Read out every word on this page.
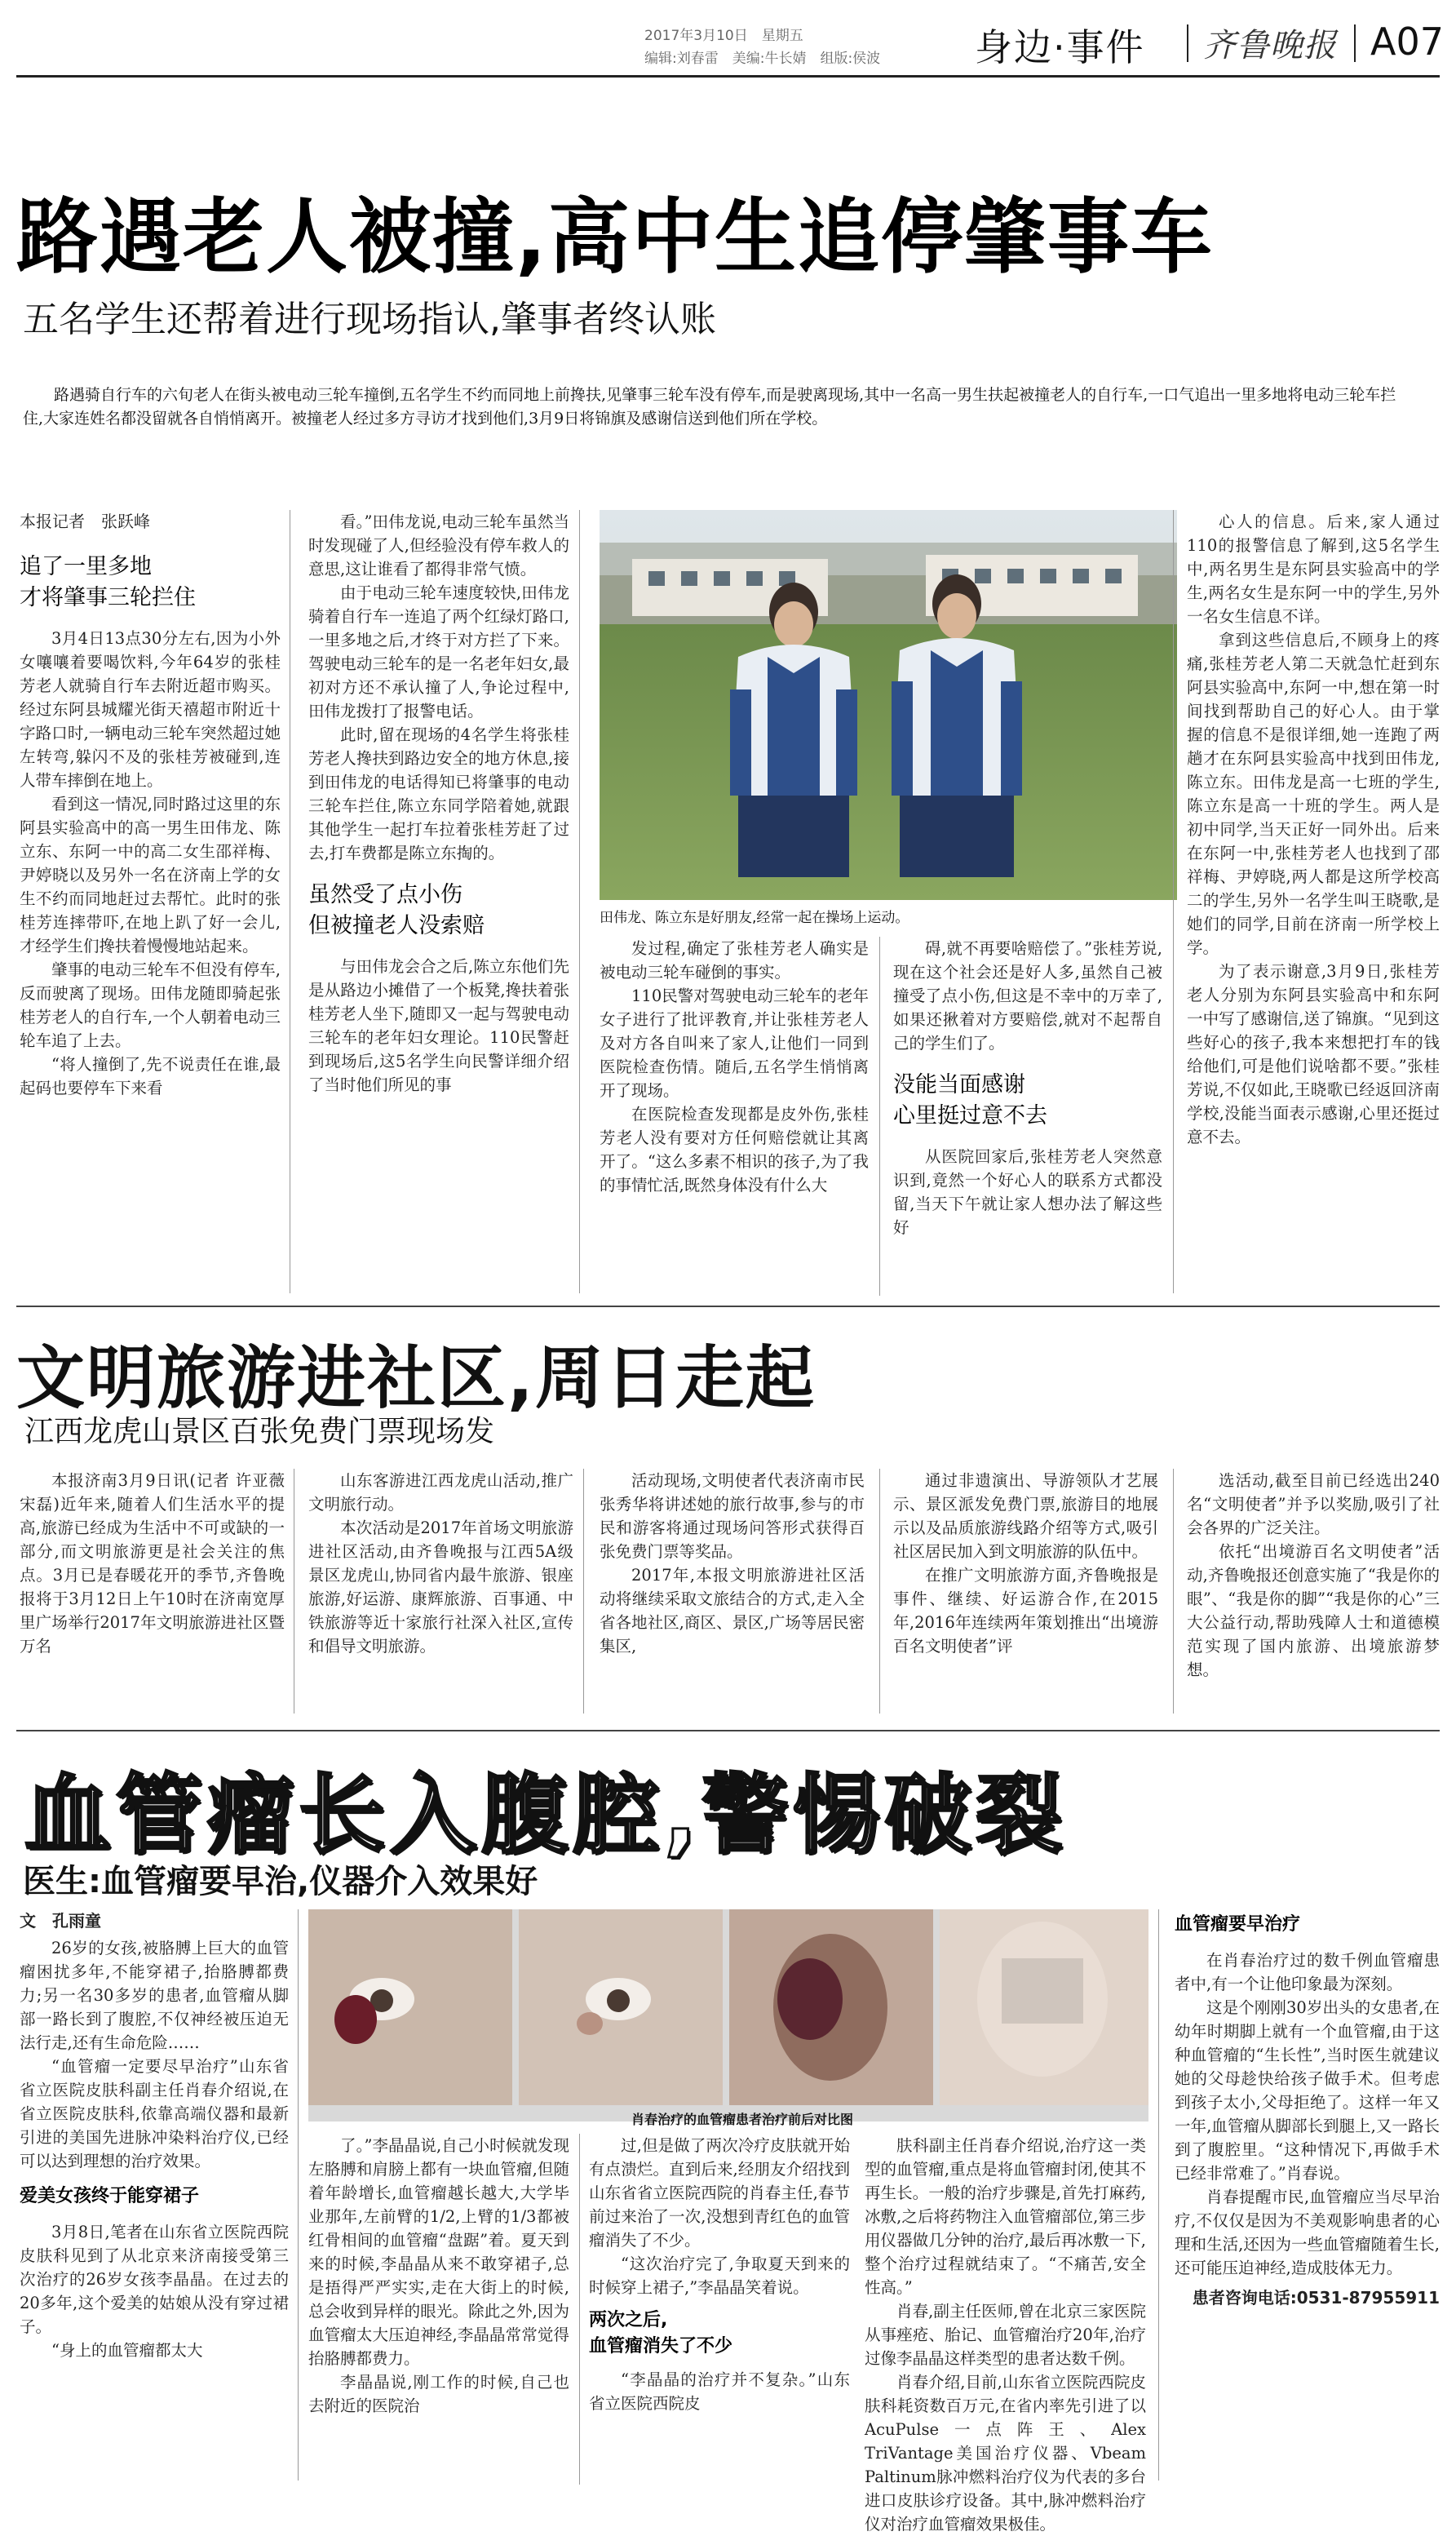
2017年3月10日　星期五
编辑:刘春雷　美编:牛长婧　组版:侯波	身边·事件 齐鲁晚报 A07
路遇老人被撞,高中生追停肇事车
五名学生还帮着进行现场指认,肇事者终认账
路遇骑自行车的六旬老人在街头被电动三轮车撞倒,五名学生不约而同地上前搀扶,见肇事三轮车没有停车,而是驶离现场,其中一名高一男生扶起被撞老人的自行车,一口气追出一里多地将电动三轮车拦住,大家连姓名都没留就各自悄悄离开。被撞老人经过多方寻访才找到他们,3月9日将锦旗及感谢信送到他们所在学校。
本报记者　张跃峰
追了一里多地
才将肇事三轮拦住

3月4日13点30分左右,因为小外女嚷嚷着要喝饮料,今年64岁的张桂芳老人就骑自行车去附近超市购买。经过东阿县城耀光街天禧超市附近十字路口时,一辆电动三轮车突然超过她左转弯,躲闪不及的张桂芳被碰到,连人带车摔倒在地上。

看到这一情况,同时路过这里的东阿县实验高中的高一男生田伟龙、陈立东、东阿一中的高二女生邵祥梅、尹婷晓以及另外一名在济南上学的女生不约而同地赶过去帮忙。此时的张桂芳连摔带吓,在地上趴了好一会儿,才经学生们搀扶着慢慢地站起来。

肇事的电动三轮车不但没有停车,反而驶离了现场。田伟龙随即骑起张桂芳老人的自行车,一个人朝着电动三轮车追了上去。

“将人撞倒了,先不说责任在谁,最起码也要停车下来看

看。”田伟龙说,电动三轮车虽然当时发现碰了人,但经验没有停车救人的意思,这让谁看了都得非常气愤。

由于电动三轮车速度较快,田伟龙骑着自行车一连追了两个红绿灯路口,一里多地之后,才终于对方拦了下来。驾驶电动三轮车的是一名老年妇女,最初对方还不承认撞了人,争论过程中,田伟龙拨打了报警电话。

此时,留在现场的4名学生将张桂芳老人搀扶到路边安全的地方休息,接到田伟龙的电话得知已将肇事的电动三轮车拦住,陈立东同学陪着她,就跟其他学生一起打车拉着张桂芳赶了过去,打车费都是陈立东掏的。

虽然受了点小伤
但被撞老人没索赔

与田伟龙会合之后,陈立东他们先是从路边小摊借了一个板凳,搀扶着张桂芳老人坐下,随即又一起与驾驶电动三轮车的老年妇女理论。110民警赶到现场后,这5名学生向民警详细介绍了当时他们所见的事

田伟龙、陈立东是好朋友,经常一起在操场上运动。

发过程,确定了张桂芳老人确实是被电动三轮车碰倒的事实。

110民警对驾驶电动三轮车的老年女子进行了批评教育,并让张桂芳老人及对方各自叫来了家人,让他们一同到医院检查伤情。随后,五名学生悄悄离开了现场。

在医院检查发现都是皮外伤,张桂芳老人没有要对方任何赔偿就让其离开了。“这么多素不相识的孩子,为了我的事情忙活,既然身体没有什么大

碍,就不再要啥赔偿了。”张桂芳说,现在这个社会还是好人多,虽然自己被撞受了点小伤,但这是不幸中的万幸了,如果还揪着对方要赔偿,就对不起帮自己的学生们了。

没能当面感谢
心里挺过意不去

从医院回家后,张桂芳老人突然意识到,竟然一个好心人的联系方式都没留,当天下午就让家人想办法了解这些好

心人的信息。后来,家人通过110的报警信息了解到,这5名学生中,两名男生是东阿县实验高中的学生,两名女生是东阿一中的学生,另外一名女生信息不详。

拿到这些信息后,不顾身上的疼痛,张桂芳老人第二天就急忙赶到东阿县实验高中,东阿一中,想在第一时间找到帮助自己的好心人。由于掌握的信息不是很详细,她一连跑了两趟才在东阿县实验高中找到田伟龙,陈立东。田伟龙是高一七班的学生,陈立东是高一十班的学生。两人是初中同学,当天正好一同外出。后来在东阿一中,张桂芳老人也找到了邵祥梅、尹婷晓,两人都是这所学校高二的学生,另外一名学生叫王晓歌,是她们的同学,目前在济南一所学校上学。

为了表示谢意,3月9日,张桂芳老人分别为东阿县实验高中和东阿一中写了感谢信,送了锦旗。“见到这些好心的孩子,我本来想把打车的钱给他们,可是他们说啥都不要。”张桂芳说,不仅如此,王晓歌已经返回济南学校,没能当面表示感谢,心里还挺过意不去。

文明旅游进社区,周日走起
江西龙虎山景区百张免费门票现场发

本报济南3月9日讯(记者 许亚薇 宋磊)近年来,随着人们生活水平的提高,旅游已经成为生活中不可或缺的一部分,而文明旅游更是社会关注的焦点。3月已是春暖花开的季节,齐鲁晚报将于3月12日上午10时在济南宽厚里广场举行2017年文明旅游进社区暨万名

山东客游进江西龙虎山活动,推广文明旅行动。

本次活动是2017年首场文明旅游进社区活动,由齐鲁晚报与江西5A级景区龙虎山,协同省内最牛旅游、银座旅游,好运游、康辉旅游、百事通、中铁旅游等近十家旅行社深入社区,宣传和倡导文明旅游。

活动现场,文明使者代表济南市民张秀华将讲述她的旅行故事,参与的市民和游客将通过现场问答形式获得百张免费门票等奖品。

2017年,本报文明旅游进社区活动将继续采取文旅结合的方式,走入全省各地社区,商区、景区,广场等居民密集区,

通过非遗演出、导游领队才艺展示、景区派发免费门票,旅游目的地展示以及品质旅游线路介绍等方式,吸引社区居民加入到文明旅游的队伍中。

在推广文明旅游方面,齐鲁晚报是事件、继续、好运游合作,在2015年,2016年连续两年策划推出“出境游百名文明使者”评

选活动,截至目前已经选出240名“文明使者”并予以奖励,吸引了社会各界的广泛关注。

依托“出境游百名文明使者”活动,齐鲁晚报还创意实施了“我是你的眼”、“我是你的脚”“我是你的心”三大公益行动,帮助残障人士和道德模范实现了国内旅游、出境旅游梦想。

血管瘤长入腹腔,警惕破裂
医生:血管瘤要早治,仪器介入效果好
文　孔雨童

26岁的女孩,被胳膊上巨大的血管瘤困扰多年,不能穿裙子,抬胳膊都费力;另一名30多岁的患者,血管瘤从脚部一路长到了腹腔,不仅神经被压迫无法行走,还有生命危险……

“血管瘤一定要尽早治疗”山东省省立医院皮肤科副主任肖春介绍说,在省立医院皮肤科,依靠高端仪器和最新引进的美国先进脉冲染料治疗仪,已经可以达到理想的治疗效果。

爱美女孩终于能穿裙子

3月8日,笔者在山东省立医院西院皮肤科见到了从北京来济南接受第三次治疗的26岁女孩李晶晶。在过去的20多年,这个爱美的姑娘从没有穿过裙子。

“身上的血管瘤都太大

肖春治疗的血管瘤患者治疗前后对比图

了。”李晶晶说,自己小时候就发现左胳膊和肩膀上都有一块血管瘤,但随着年龄增长,血管瘤越长越大,大学毕业那年,左前臂的1/2,上臂的1/3都被红骨相间的血管瘤“盘踞”着。夏天到来的时候,李晶晶从来不敢穿裙子,总是捂得严严实实,走在大街上的时候,总会收到异样的眼光。除此之外,因为血管瘤太大压迫神经,李晶晶常常觉得抬胳膊都费力。

李晶晶说,刚工作的时候,自己也去附近的医院治

过,但是做了两次冷疗皮肤就开始有点溃烂。直到后来,经朋友介绍找到山东省省立医院西院的肖春主任,春节前过来治了一次,没想到青红色的血管瘤消失了不少。

“这次治疗完了,争取夏天到来的时候穿上裙子,”李晶晶笑着说。

两次之后,
血管瘤消失了不少

“李晶晶的治疗并不复杂。”山东省立医院西院皮

肤科副主任肖春介绍说,治疗这一类型的血管瘤,重点是将血管瘤封闭,使其不再生长。一般的治疗步骤是,首先打麻药,冰敷,之后将药物注入血管瘤部位,第三步用仪器做几分钟的治疗,最后再冰敷一下,整个治疗过程就结束了。“不痛苦,安全性高。”

肖春,副主任医师,曾在北京三家医院从事痤疮、胎记、血管瘤治疗20年,治疗过像李晶晶这样类型的患者达数千例。

肖春介绍,目前,山东省立医院西院皮肤科耗资数百万元,在省内率先引进了以AcuPulse一点阵王、Alex TriVantage美国治疗仪器、Vbeam Paltinum脉冲燃料治疗仪为代表的多台进口皮肤诊疗设备。其中,脉冲燃料治疗仪对治疗血管瘤效果极佳。

血管瘤要早治疗

在肖春治疗过的数千例血管瘤患者中,有一个让他印象最为深刻。

这是个刚刚30岁出头的女患者,在幼年时期脚上就有一个血管瘤,由于这种血管瘤的“生长性”,当时医生就建议她的父母趁快给孩子做手术。但考虑到孩子太小,父母拒绝了。这样一年又一年,血管瘤从脚部长到腿上,又一路长到了腹腔里。“这种情况下,再做手术已经非常难了。”肖春说。

肖春提醒市民,血管瘤应当尽早治疗,不仅仅是因为不美观影响患者的心理和生活,还因为一些血管瘤随着生长,还可能压迫神经,造成肢体无力。

患者咨询电话:0531-87955911
